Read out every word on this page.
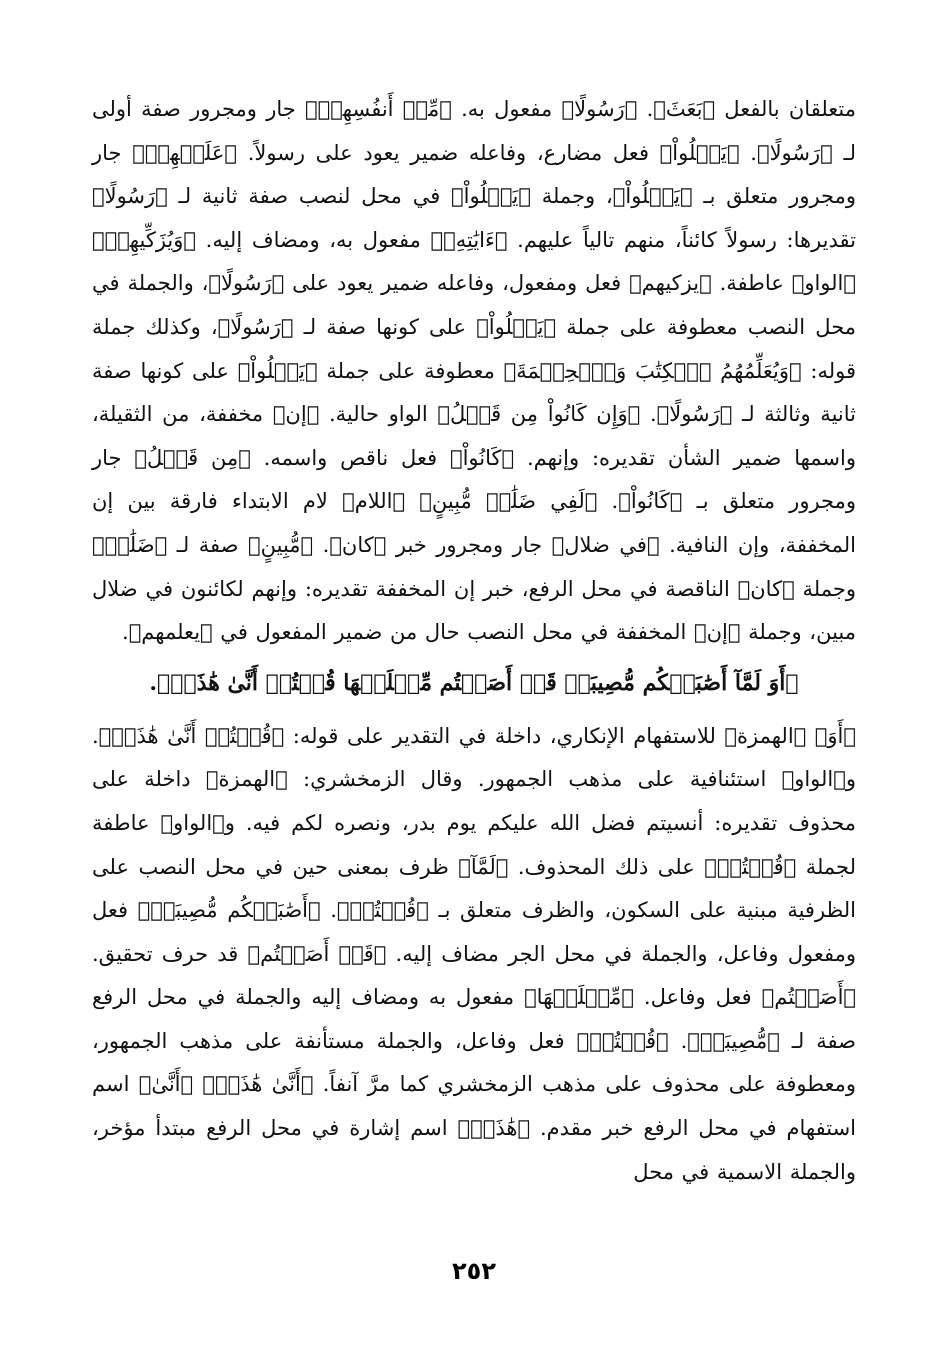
متعلقان بالفعل ﴿بَعَثَ﴾. ﴿رَسُولًا﴾ مفعول به. ﴿مِّنۡ أَنفُسِهِمۡ﴾ جار ومجرور صفة أولى لـ ﴿رَسُولًا﴾. ﴿يَتۡلُواْ﴾ فعل مضارع، وفاعله ضمير يعود على رسولاً. ﴿عَلَيۡهِمۡ﴾ جار ومجرور متعلق بـ ﴿يَتۡلُواْ﴾، وجملة ﴿يَتۡلُواْ﴾ في محل لنصب صفة ثانية لـ ﴿رَسُولًا﴾ تقديرها: رسولاً كائناً، منهم تالياً عليهم. ﴿ءَايَٰتِهِۦ﴾ مفعول به، ومضاف إليه. ﴿وَيُزَكِّيهِمۡ﴾ ﴿الواو﴾ عاطفة. ﴿يزكيهم﴾ فعل ومفعول، وفاعله ضمير يعود على ﴿رَسُولًا﴾، والجملة في محل النصب معطوفة على جملة ﴿يَتۡلُواْ﴾ على كونها صفة لـ ﴿رَسُولًا﴾، وكذلك جملة قوله: ﴿وَيُعَلِّمُهُمُ ٱلۡكِتَٰبَ وَٱلۡحِكۡمَةَ﴾ معطوفة على جملة ﴿يَتۡلُواْ﴾ على كونها صفة ثانية وثالثة لـ ﴿رَسُولًا﴾. ﴿وَإِن كَانُواْ مِن قَبۡلُ﴾ الواو حالية. ﴿إن﴾ مخففة، من الثقيلة، واسمها ضمير الشأن تقديره: وإنهم. ﴿كَانُواْ﴾ فعل ناقص واسمه. ﴿مِن قَبۡلُ﴾ جار ومجرور متعلق بـ ﴿كَانُواْ﴾. ﴿لَفِي ضَلَٰلٖ مُّبِينٍ﴾ ﴿اللام﴾ لام الابتداء فارقة بين إن المخففة، وإن النافية. ﴿في ضلال﴾ جار ومجرور خبر ﴿كان﴾. ﴿مُّبِينٍ﴾ صفة لـ ﴿ضَلَٰلٖ﴾ وجملة ﴿كان﴾ الناقصة في محل الرفع، خبر إن المخففة تقديره: وإنهم لكائنون في ضلال مبين، وجملة ﴿إن﴾ المخففة في محل النصب حال من ضمير المفعول في ﴿يعلمهم﴾.

﴿أَوَ لَمَّآ أَصَٰبَتۡكُم مُّصِيبَةٞ قَدۡ أَصَبۡتُم مِّثۡلَيۡهَا قُلۡتُمۡ أَنَّىٰ هَٰذَاۖ﴾.

﴿أَوَ﴾ ﴿الهمزة﴾ للاستفهام الإنكاري، داخلة في التقدير على قوله: ﴿قُلۡتُمۡ أَنَّىٰ هَٰذَاۖ﴾. و﴿الواو﴾ استئنافية على مذهب الجمهور. وقال الزمخشري: ﴿الهمزة﴾ داخلة على محذوف تقديره: أنسيتم فضل الله عليكم يوم بدر، ونصره لكم فيه. و﴿الواو﴾ عاطفة لجملة ﴿قُلۡتُمۡ﴾ على ذلك المحذوف. ﴿لَمَّآ﴾ ظرف بمعنى حين في محل النصب على الظرفية مبنية على السكون، والظرف متعلق بـ ﴿قُلۡتُمۡ﴾. ﴿أَصَٰبَتۡكُم مُّصِيبَةٞ﴾ فعل ومفعول وفاعل، والجملة في محل الجر مضاف إليه. ﴿قَدۡ أَصَبۡتُم﴾ قد حرف تحقيق. ﴿أَصَبۡتُم﴾ فعل وفاعل. ﴿مِّثۡلَيۡهَا﴾ مفعول به ومضاف إليه والجملة في محل الرفع صفة لـ ﴿مُّصِيبَةٞ﴾. ﴿قُلۡتُمۡ﴾ فعل وفاعل، والجملة مستأنفة على مذهب الجمهور، ومعطوفة على محذوف على مذهب الزمخشري كما مرَّ آنفاً. ﴿أَنَّىٰ هَٰذَاۖ﴾ ﴿أَنَّىٰ﴾ اسم استفهام في محل الرفع خبر مقدم. ﴿هَٰذَاۖ﴾ اسم إشارة في محل الرفع مبتدأ مؤخر، والجملة الاسمية في محل

٢٥٢
